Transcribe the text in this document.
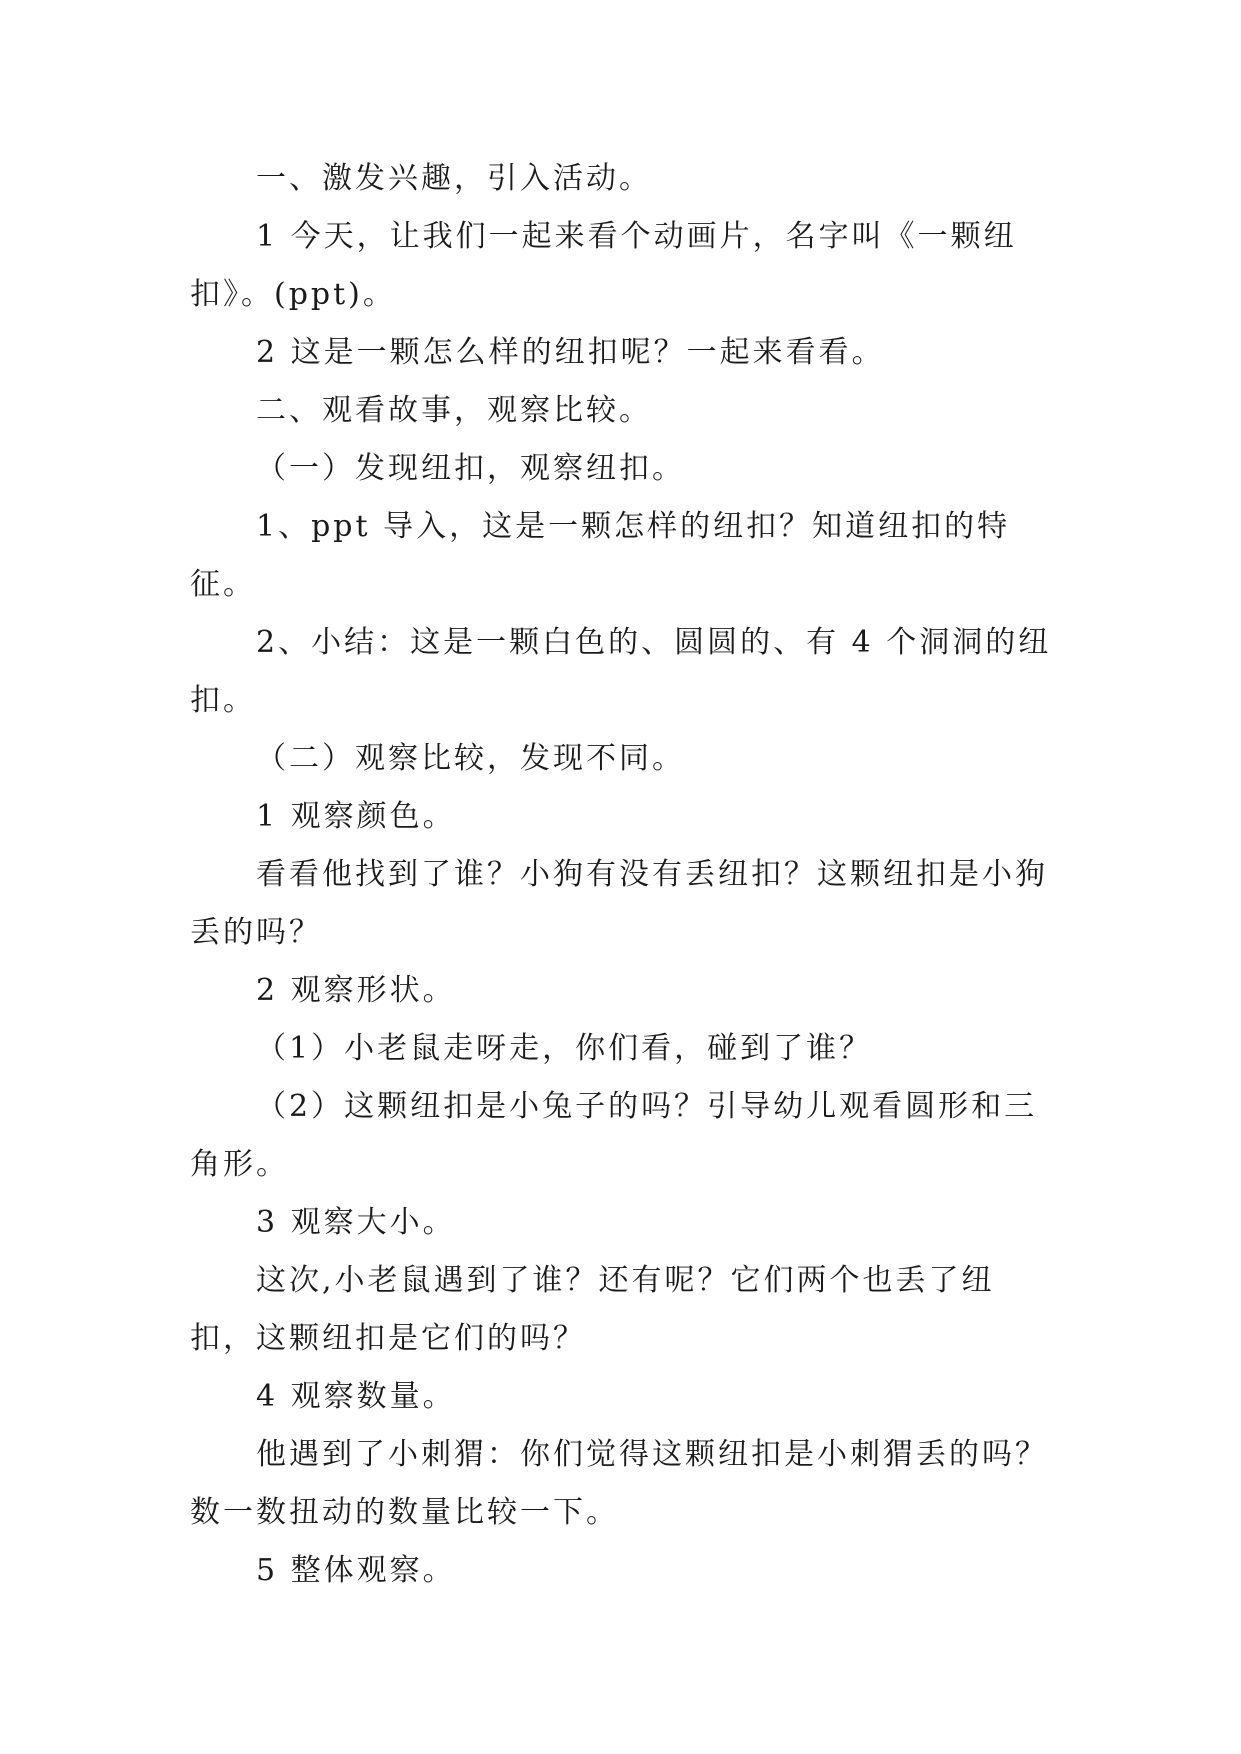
一、激发兴趣，引入活动。

1 今天，让我们一起来看个动画片，名字叫《一颗纽扣》。(ppt)。

2 这是一颗怎么样的纽扣呢？一起来看看。

二、观看故事，观察比较。

（一）发现纽扣，观察纽扣。

1、ppt 导入，这是一颗怎样的纽扣？知道纽扣的特征。

2、小结：这是一颗白色的、圆圆的、有 4 个洞洞的纽扣。

（二）观察比较，发现不同。

1 观察颜色。

看看他找到了谁？小狗有没有丢纽扣？这颗纽扣是小狗丢的吗？

2 观察形状。

（1）小老鼠走呀走，你们看，碰到了谁？

（2）这颗纽扣是小兔子的吗？引导幼儿观看圆形和三角形。

3 观察大小。

这次,小老鼠遇到了谁？还有呢？它们两个也丢了纽扣，这颗纽扣是它们的吗？

4 观察数量。

他遇到了小刺猬：你们觉得这颗纽扣是小刺猬丢的吗？数一数扭动的数量比较一下。

5 整体观察。
